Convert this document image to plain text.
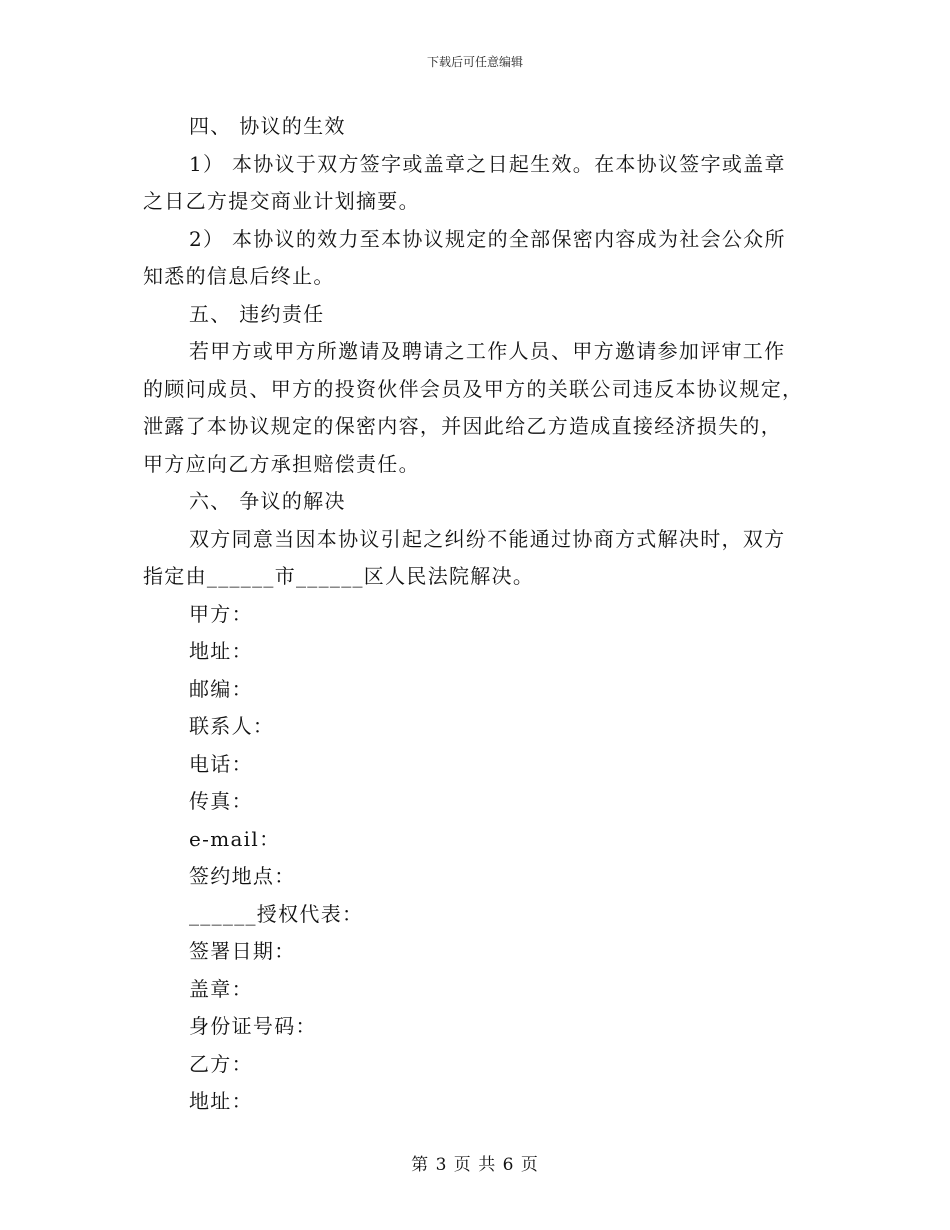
下载后可任意编辑
四、 协议的生效
1） 本协议于双方签字或盖章之日起生效。在本协议签字或盖章
之日乙方提交商业计划摘要。
2） 本协议的效力至本协议规定的全部保密内容成为社会公众所
知悉的信息后终止。
五、 违约责任
若甲方或甲方所邀请及聘请之工作人员、甲方邀请参加评审工作
的顾问成员、甲方的投资伙伴会员及甲方的关联公司违反本协议规定，
泄露了本协议规定的保密内容，并因此给乙方造成直接经济损失的，
甲方应向乙方承担赔偿责任。
六、 争议的解决
双方同意当因本协议引起之纠纷不能通过协商方式解决时，双方
指定由______市______区人民法院解决。
甲方：
地址：
邮编：
联系人：
电话：
传真：
e-mail：
签约地点：
______授权代表：
签署日期：
盖章：
身份证号码：
乙方：
地址：
第 3 页 共 6 页
